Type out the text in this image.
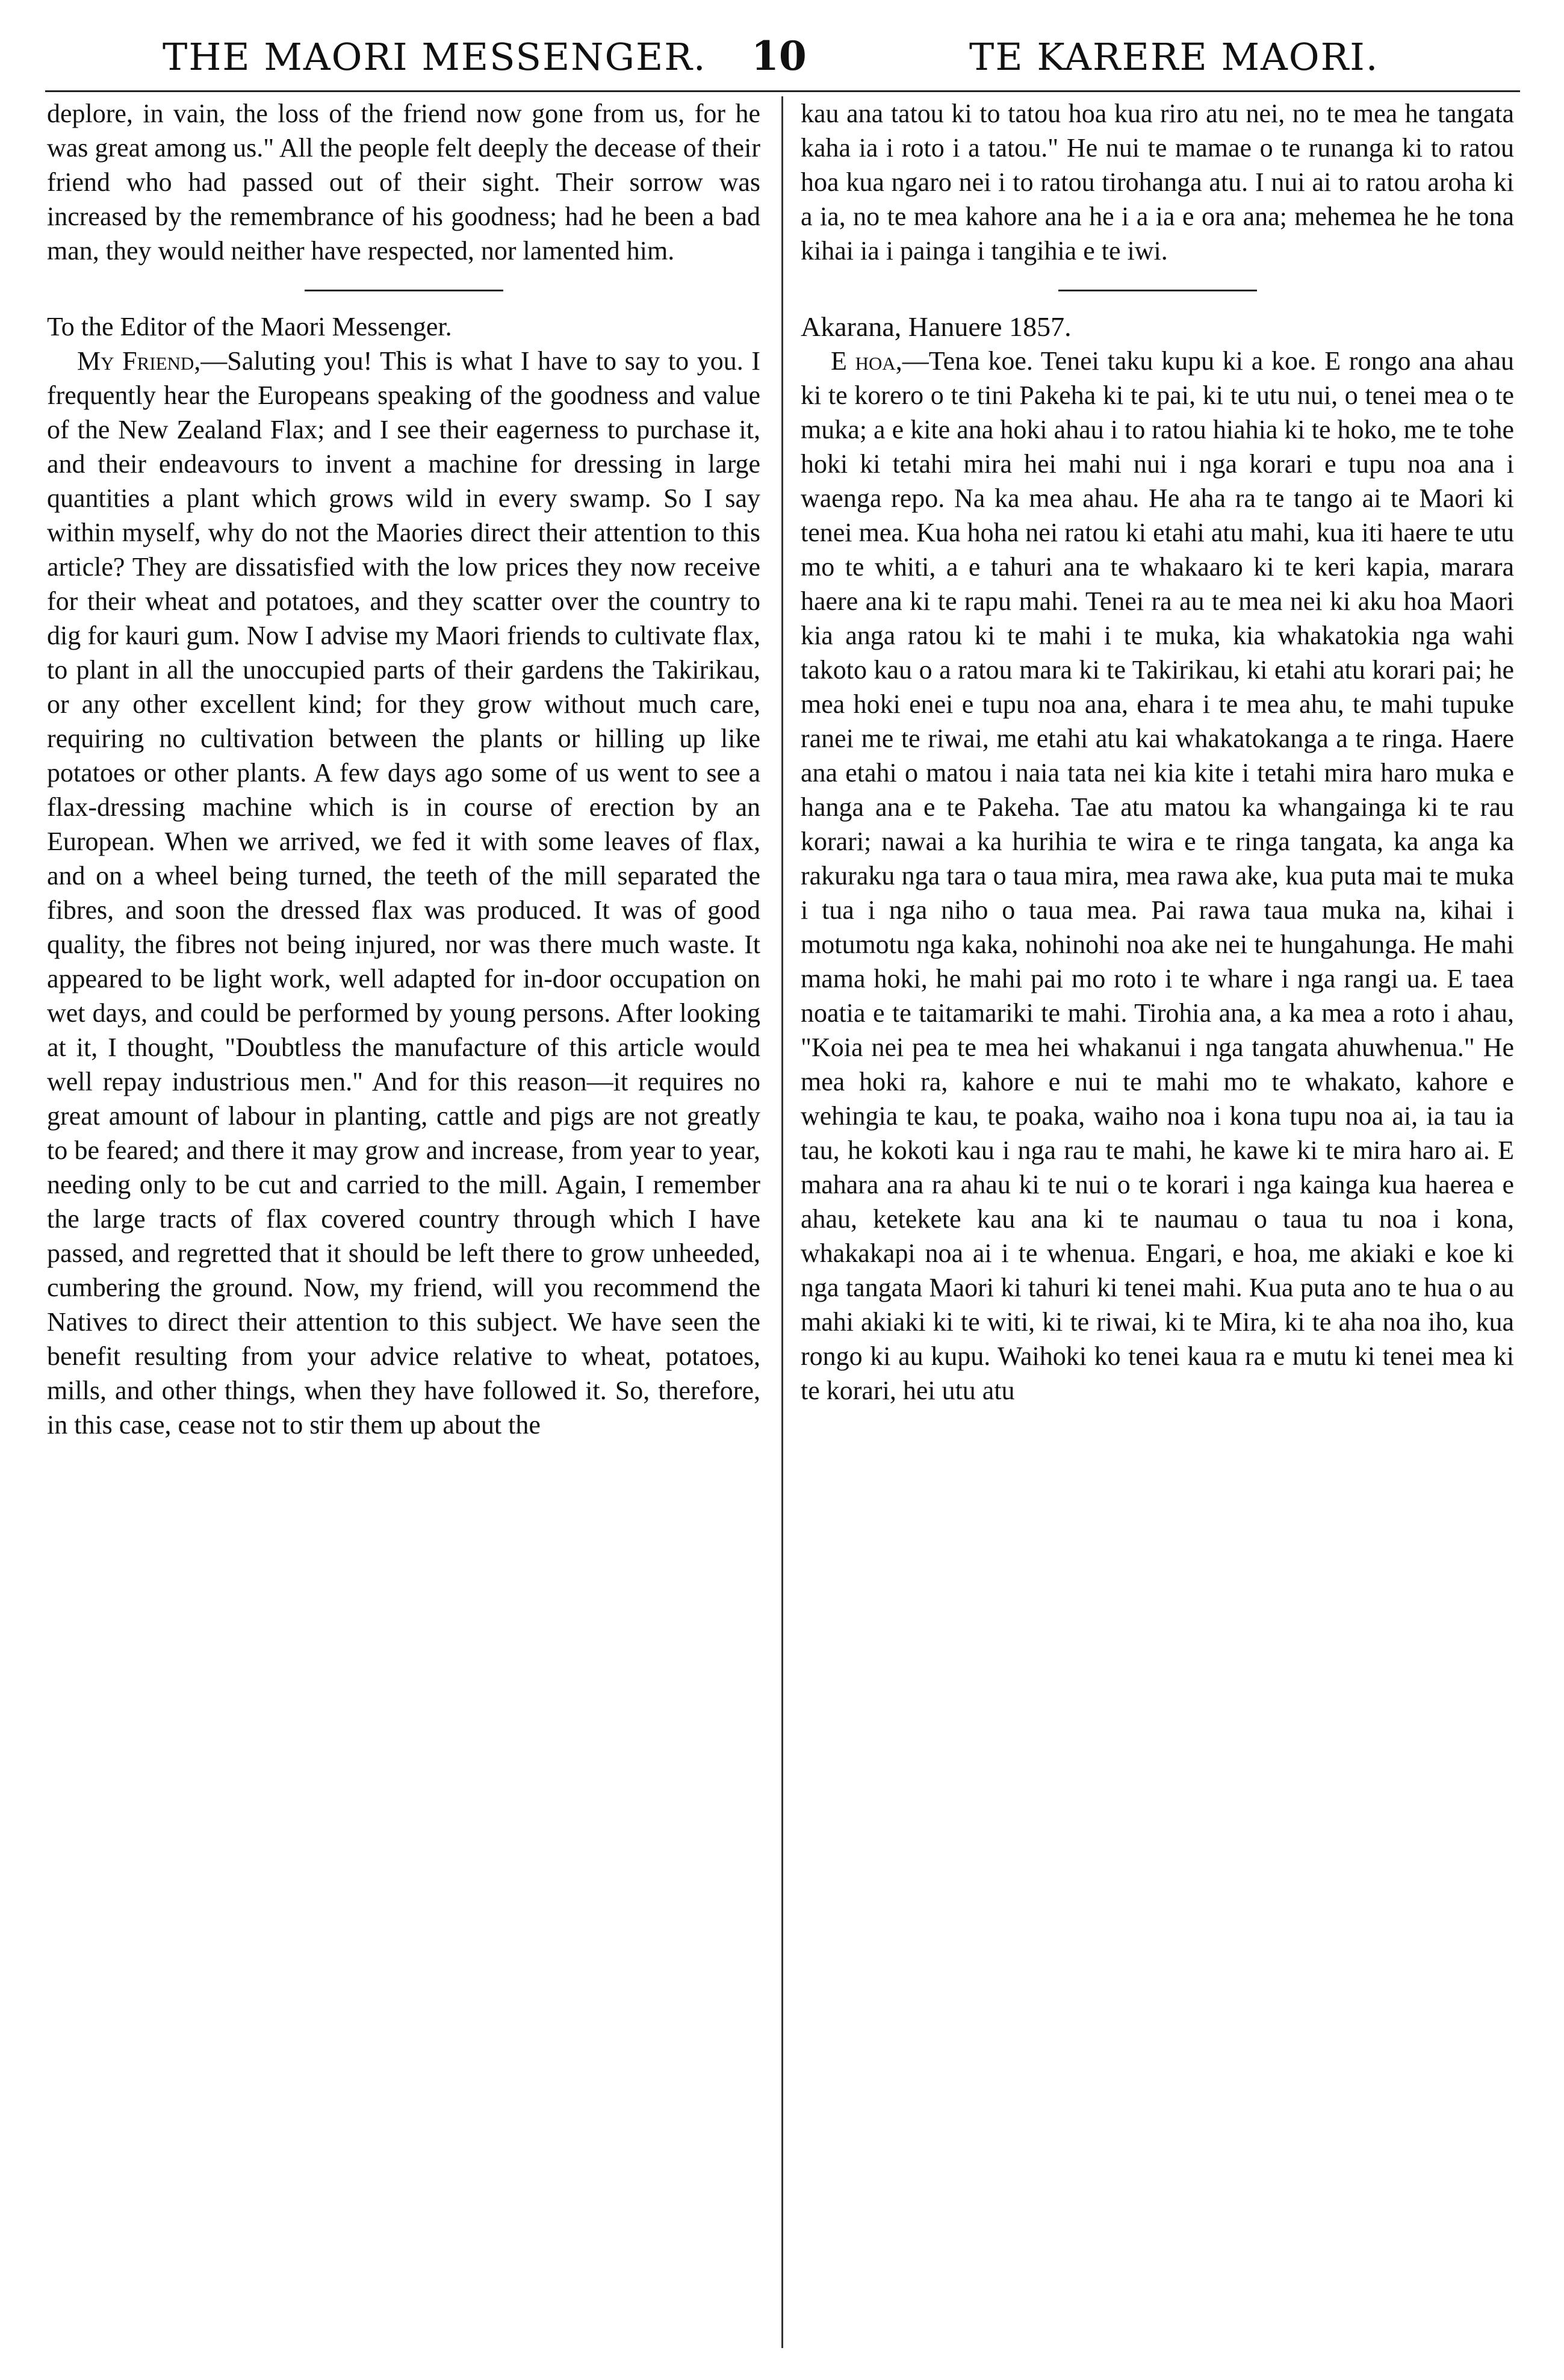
THE MAORI MESSENGER. 10	TE KARERE MAORI.

deplore, in vain, the loss of the friend now gone from us, for he was great among us." All the people felt deeply the decease of their friend who had passed out of their sight. Their sorrow was increased by the remembrance of his goodness; had he been a bad man, they would neither have respected, nor lamented him.

To the Editor of the Maori Messenger.

My Friend,—Saluting you! This is what I have to say to you. I frequently hear the Europeans speaking of the goodness and value of the New Zealand Flax; and I see their eagerness to purchase it, and their endeavours to invent a machine for dressing in large quantities a plant which grows wild in every swamp. So I say within myself, why do not the Maories direct their attention to this article? They are dissatisfied with the low prices they now receive for their wheat and potatoes, and they scatter over the country to dig for kauri gum. Now I advise my Maori friends to cultivate flax, to plant in all the unoccupied parts of their gardens the Takirikau, or any other excellent kind; for they grow without much care, requiring no cultivation between the plants or hilling up like potatoes or other plants. A few days ago some of us went to see a flax-dressing machine which is in course of erection by an European. When we arrived, we fed it with some leaves of flax, and on a wheel being turned, the teeth of the mill separated the fibres, and soon the dressed flax was produced. It was of good quality, the fibres not being injured, nor was there much waste. It appeared to be light work, well adapted for in-door occupation on wet days, and could be performed by young persons. After looking at it, I thought, "Doubtless the manufacture of this article would well repay industrious men." And for this reason—it requires no great amount of labour in planting, cattle and pigs are not greatly to be feared; and there it may grow and increase, from year to year, needing only to be cut and carried to the mill. Again, I remember the large tracts of flax covered country through which I have passed, and regretted that it should be left there to grow unheeded, cumbering the ground. Now, my friend, will you recommend the Natives to direct their attention to this subject. We have seen the benefit resulting from your advice relative to wheat, potatoes, mills, and other things, when they have followed it. So, therefore, in this case, cease not to stir them up about the

kau ana tatou ki to tatou hoa kua riro atu nei, no te mea he tangata kaha ia i roto i a tatou." He nui te mamae o te runanga ki to ratou hoa kua ngaro nei i to ratou tirohanga atu. I nui ai to ratou aroha ki a ia, no te mea kahore ana he i a ia e ora ana; mehemea he he tona kihai ia i painga i tangihia e te iwi.

Akarana, Hanuere 1857.

E hoa,—Tena koe. Tenei taku kupu ki a koe. E rongo ana ahau ki te korero o te tini Pakeha ki te pai, ki te utu nui, o tenei mea o te muka; a e kite ana hoki ahau i to ratou hiahia ki te hoko, me te tohe hoki ki tetahi mira hei mahi nui i nga korari e tupu noa ana i waenga repo. Na ka mea ahau. He aha ra te tango ai te Maori ki tenei mea. Kua hoha nei ratou ki etahi atu mahi, kua iti haere te utu mo te whiti, a e tahuri ana te whakaaro ki te keri kapia, marara haere ana ki te rapu mahi. Tenei ra au te mea nei ki aku hoa Maori kia anga ratou ki te mahi i te muka, kia whakatokia nga wahi takoto kau o a ratou mara ki te Takirikau, ki etahi atu korari pai; he mea hoki enei e tupu noa ana, ehara i te mea ahu, te mahi tupuke ranei me te riwai, me etahi atu kai whakatokanga a te ringa. Haere ana etahi o matou i naia tata nei kia kite i tetahi mira haro muka e hanga ana e te Pakeha. Tae atu matou ka whangainga ki te rau korari; nawai a ka hurihia te wira e te ringa tangata, ka anga ka rakuraku nga tara o taua mira, mea rawa ake, kua puta mai te muka i tua i nga niho o taua mea. Pai rawa taua muka na, kihai i motumotu nga kaka, nohinohi noa ake nei te hungahunga. He mahi mama hoki, he mahi pai mo roto i te whare i nga rangi ua. E taea noatia e te taitamariki te mahi. Tirohia ana, a ka mea a roto i ahau, "Koia nei pea te mea hei whakanui i nga tangata ahuwhenua." He mea hoki ra, kahore e nui te mahi mo te whakato, kahore e wehingia te kau, te poaka, waiho noa i kona tupu noa ai, ia tau ia tau, he kokoti kau i nga rau te mahi, he kawe ki te mira haro ai. E mahara ana ra ahau ki te nui o te korari i nga kainga kua haerea e ahau, ketekete kau ana ki te naumau o taua tu noa i kona, whakakapi noa ai i te whenua. Engari, e hoa, me akiaki e koe ki nga tangata Maori ki tahuri ki tenei mahi. Kua puta ano te hua o au mahi akiaki ki te witi, ki te riwai, ki te Mira, ki te aha noa iho, kua rongo ki au kupu. Waihoki ko tenei kaua ra e mutu ki tenei mea ki te korari, hei utu atu
